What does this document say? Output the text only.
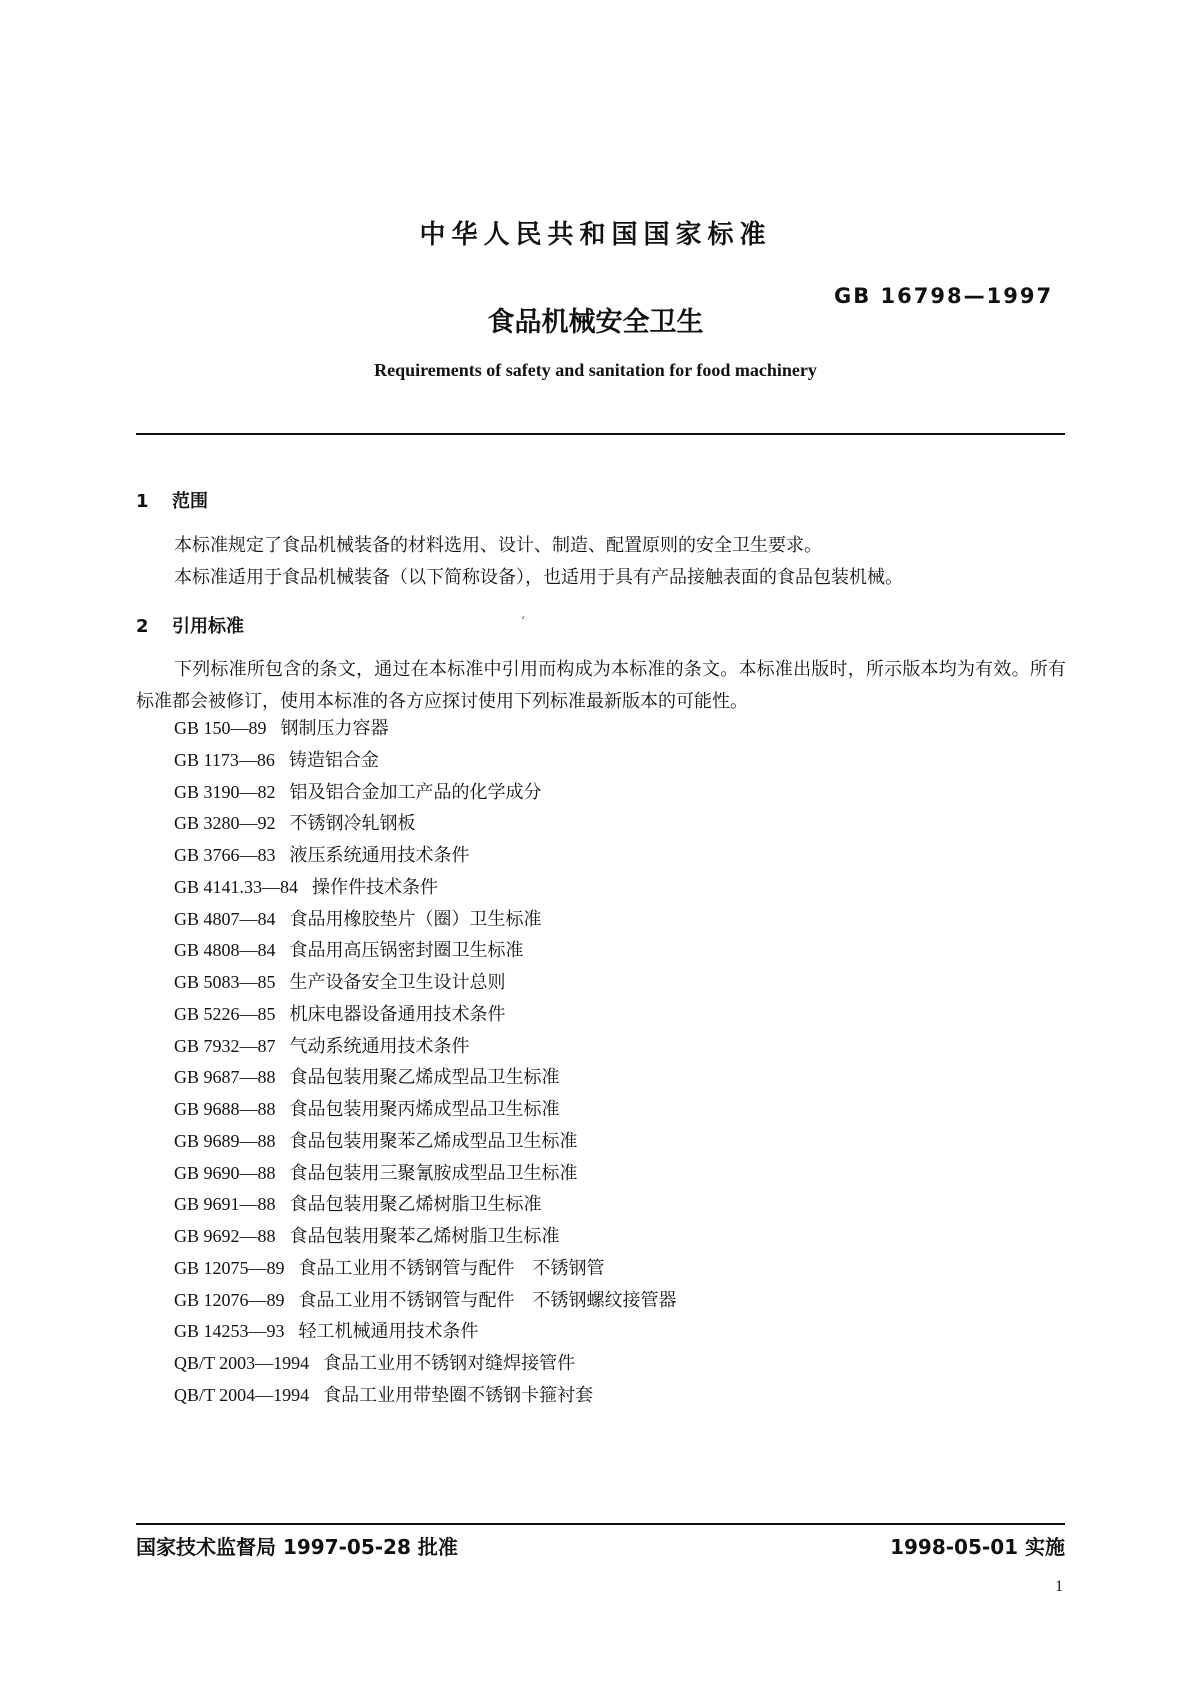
中华人民共和国国家标准
GB 16798—1997
食品机械安全卫生
Requirements of safety and sanitation for food machinery
1 范围
本标准规定了食品机械装备的材料选用、设计、制造、配置原则的安全卫生要求。
本标准适用于食品机械装备（以下简称设备），也适用于具有产品接触表面的食品包装机械。
2 引用标准	ʻ
下列标准所包含的条文，通过在本标准中引用而构成为本标准的条文。本标准出版时，所示版本均为有效。所有标准都会被修订，使用本标准的各方应探讨使用下列标准最新版本的可能性。
GB 150—89 钢制压力容器
GB 1173—86 铸造铝合金
GB 3190—82 铝及铝合金加工产品的化学成分
GB 3280—92 不锈钢冷轧钢板
GB 3766—83 液压系统通用技术条件
GB 4141.33—84 操作件技术条件
GB 4807—84 食品用橡胶垫片（圈）卫生标准
GB 4808—84 食品用高压锅密封圈卫生标准
GB 5083—85 生产设备安全卫生设计总则
GB 5226—85 机床电器设备通用技术条件
GB 7932—87 气动系统通用技术条件
GB 9687—88 食品包装用聚乙烯成型品卫生标准
GB 9688—88 食品包装用聚丙烯成型品卫生标准
GB 9689—88 食品包装用聚苯乙烯成型品卫生标准
GB 9690—88 食品包装用三聚氰胺成型品卫生标准
GB 9691—88 食品包装用聚乙烯树脂卫生标准
GB 9692—88 食品包装用聚苯乙烯树脂卫生标准
GB 12075—89 食品工业用不锈钢管与配件　不锈钢管
GB 12076—89 食品工业用不锈钢管与配件　不锈钢螺纹接管器
GB 14253—93 轻工机械通用技术条件
QB/T 2003—1994 食品工业用不锈钢对缝焊接管件
QB/T 2004—1994 食品工业用带垫圈不锈钢卡箍衬套
国家技术监督局 1997-05-28 批准	1998-05-01 实施
1
